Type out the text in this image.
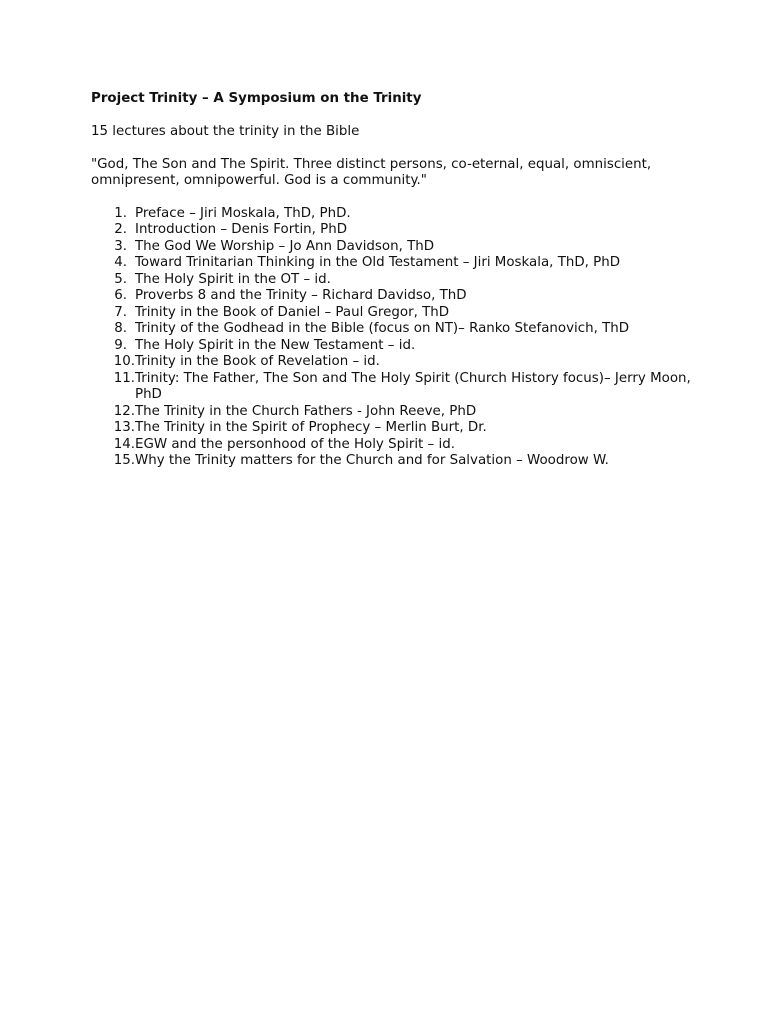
Project Trinity – A Symposium on the Trinity
15 lectures about the trinity in the Bible
"God, The Son and The Spirit. Three distinct persons, co-eternal, equal, omniscient, omnipresent, omnipowerful. God is a community."
1. Preface – Jiri Moskala, ThD, PhD.
2. Introduction – Denis Fortin, PhD
3. The God We Worship – Jo Ann Davidson, ThD
4. Toward Trinitarian Thinking in the Old Testament – Jiri Moskala, ThD, PhD
5. The Holy Spirit in the OT – id.
6. Proverbs 8 and the Trinity – Richard Davidso, ThD
7. Trinity in the Book of Daniel – Paul Gregor, ThD
8. Trinity of the Godhead in the Bible (focus on NT)– Ranko Stefanovich, ThD
9. The Holy Spirit in the New Testament – id.
10. Trinity in the Book of Revelation – id.
11. Trinity: The Father, The Son and The Holy Spirit (Church History focus)– Jerry Moon, PhD
12. The Trinity in the Church Fathers - John Reeve, PhD
13. The Trinity in the Spirit of Prophecy – Merlin Burt, Dr.
14. EGW and the personhood of the Holy Spirit – id.
15. Why the Trinity matters for the Church and for Salvation – Woodrow W.
